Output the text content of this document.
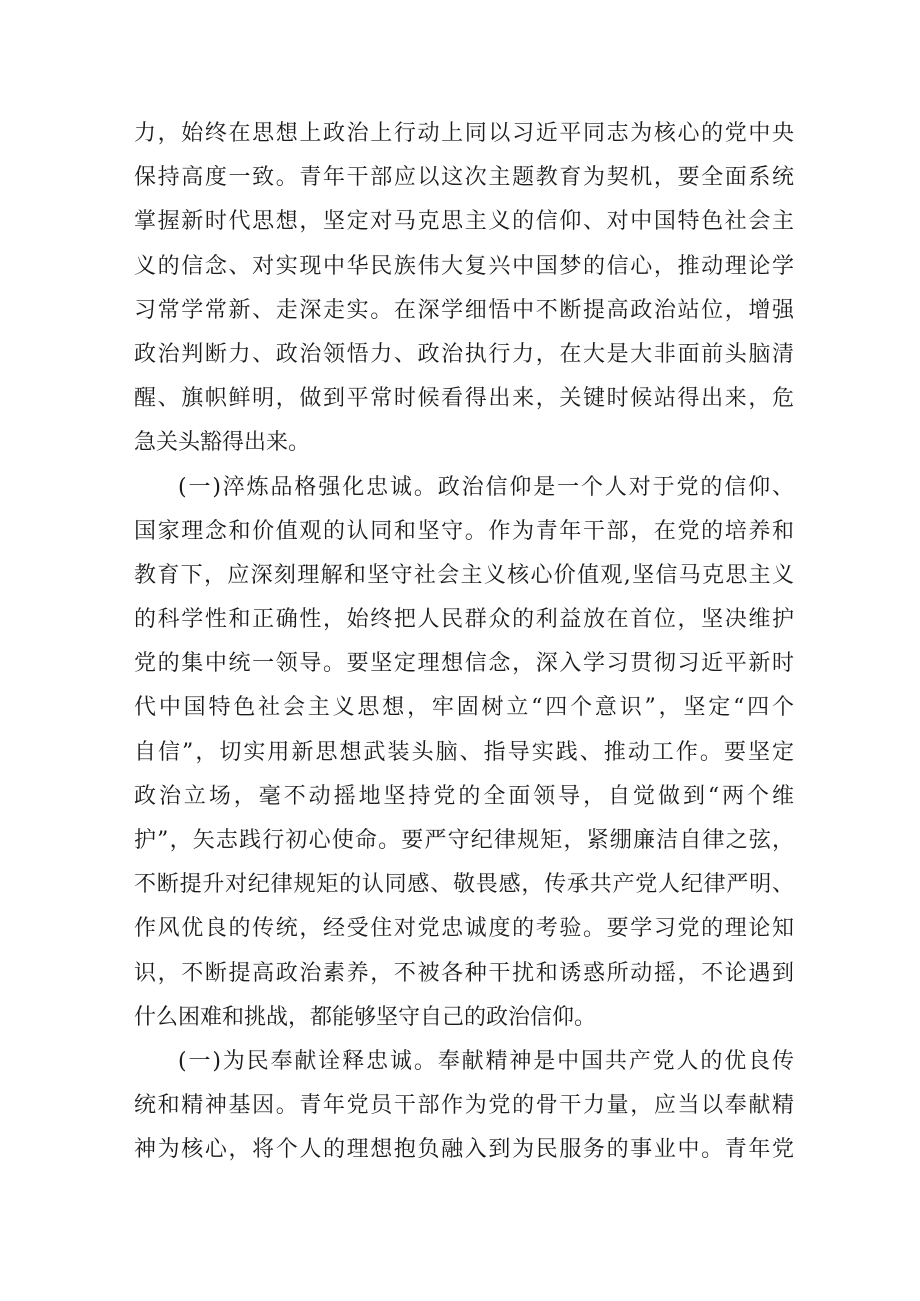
力，始终在思想上政治上行动上同以习近平同志为核心的党中央
保持高度一致。青年干部应以这次主题教育为契机，要全面系统
掌握新时代思想，坚定对马克思主义的信仰、对中国特色社会主
义的信念、对实现中华民族伟大复兴中国梦的信心，推动理论学
习常学常新、走深走实。在深学细悟中不断提高政治站位，增强
政治判断力、政治领悟力、政治执行力，在大是大非面前头脑清
醒、旗帜鲜明，做到平常时候看得出来，关键时候站得出来，危
急关头豁得出来。
(一)淬炼品格强化忠诚。政治信仰是一个人对于党的信仰、
国家理念和价值观的认同和坚守。作为青年干部，在党的培养和
教育下，应深刻理解和坚守社会主义核心价值观,坚信马克思主义
的科学性和正确性，始终把人民群众的利益放在首位，坚决维护
党的集中统一领导。要坚定理想信念，深入学习贯彻习近平新时
代中国特色社会主义思想，牢固树立“四个意识”，坚定“四个
自信”，切实用新思想武装头脑、指导实践、推动工作。要坚定
政治立场，毫不动摇地坚持党的全面领导，自觉做到“两个维
护”，矢志践行初心使命。要严守纪律规矩，紧绷廉洁自律之弦，
不断提升对纪律规矩的认同感、敬畏感，传承共产党人纪律严明、
作风优良的传统，经受住对党忠诚度的考验。要学习党的理论知
识，不断提高政治素养，不被各种干扰和诱惑所动摇，不论遇到
什么困难和挑战，都能够坚守自己的政治信仰。
(一)为民奉献诠释忠诚。奉献精神是中国共产党人的优良传
统和精神基因。青年党员干部作为党的骨干力量，应当以奉献精
神为核心，将个人的理想抱负融入到为民服务的事业中。青年党
